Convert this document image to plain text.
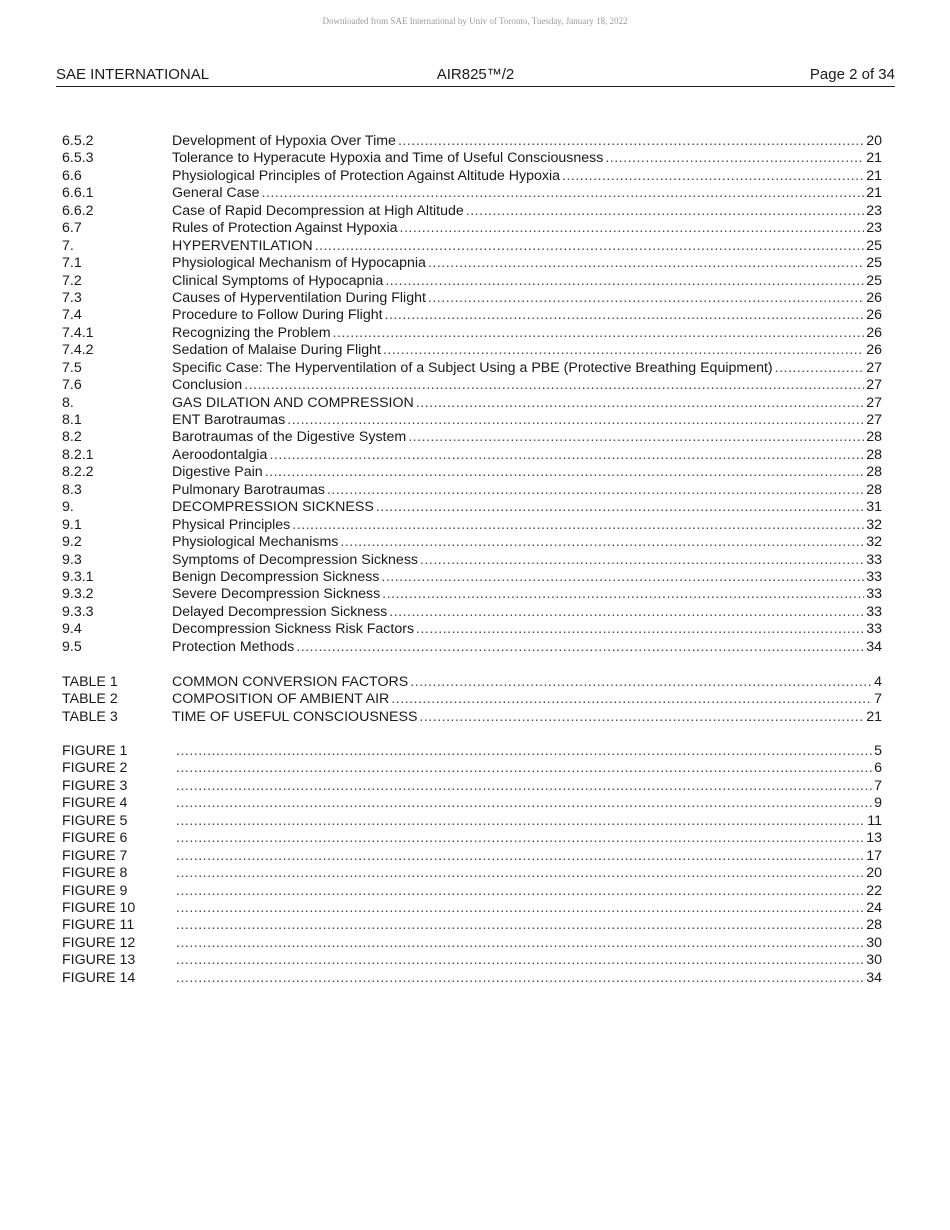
Downloaded from SAE International by Univ of Toronto, Tuesday, January 18, 2022
SAE INTERNATIONAL	AIR825™/2	Page 2 of 34
6.5.2	Development of Hypoxia Over Time .....	20
6.5.3	Tolerance to Hyperacute Hypoxia and Time of Useful Consciousness .....	21
6.6	Physiological Principles of Protection Against Altitude Hypoxia .....	21
6.6.1	General Case .....	21
6.6.2	Case of Rapid Decompression at High Altitude .....	23
6.7	Rules of Protection Against Hypoxia .....	23
7.	HYPERVENTILATION .....	25
7.1	Physiological Mechanism of Hypocapnia .....	25
7.2	Clinical Symptoms of Hypocapnia .....	25
7.3	Causes of Hyperventilation During Flight .....	26
7.4	Procedure to Follow During Flight .....	26
7.4.1	Recognizing the Problem .....	26
7.4.2	Sedation of Malaise During Flight .....	26
7.5	Specific Case: The Hyperventilation of a Subject Using a PBE (Protective Breathing Equipment) .....	27
7.6	Conclusion .....	27
8.	GAS DILATION AND COMPRESSION .....	27
8.1	ENT Barotraumas .....	27
8.2	Barotraumas of the Digestive System .....	28
8.2.1	Aeroodontalgia .....	28
8.2.2	Digestive Pain .....	28
8.3	Pulmonary Barotraumas .....	28
9.	DECOMPRESSION SICKNESS .....	31
9.1	Physical Principles .....	32
9.2	Physiological Mechanisms .....	32
9.3	Symptoms of Decompression Sickness .....	33
9.3.1	Benign Decompression Sickness .....	33
9.3.2	Severe Decompression Sickness .....	33
9.3.3	Delayed Decompression Sickness .....	33
9.4	Decompression Sickness Risk Factors .....	33
9.5	Protection Methods .....	34
TABLE 1	COMMON CONVERSION FACTORS .....	4
TABLE 2	COMPOSITION OF AMBIENT AIR .....	7
TABLE 3	TIME OF USEFUL CONSCIOUSNESS .....	21
FIGURE 1 .....	5
FIGURE 2 .....	6
FIGURE 3 .....	7
FIGURE 4 .....	9
FIGURE 5 .....	11
FIGURE 6 .....	13
FIGURE 7 .....	17
FIGURE 8 .....	20
FIGURE 9 .....	22
FIGURE 10 .....	24
FIGURE 11 .....	28
FIGURE 12 .....	30
FIGURE 13 .....	30
FIGURE 14 .....	34
